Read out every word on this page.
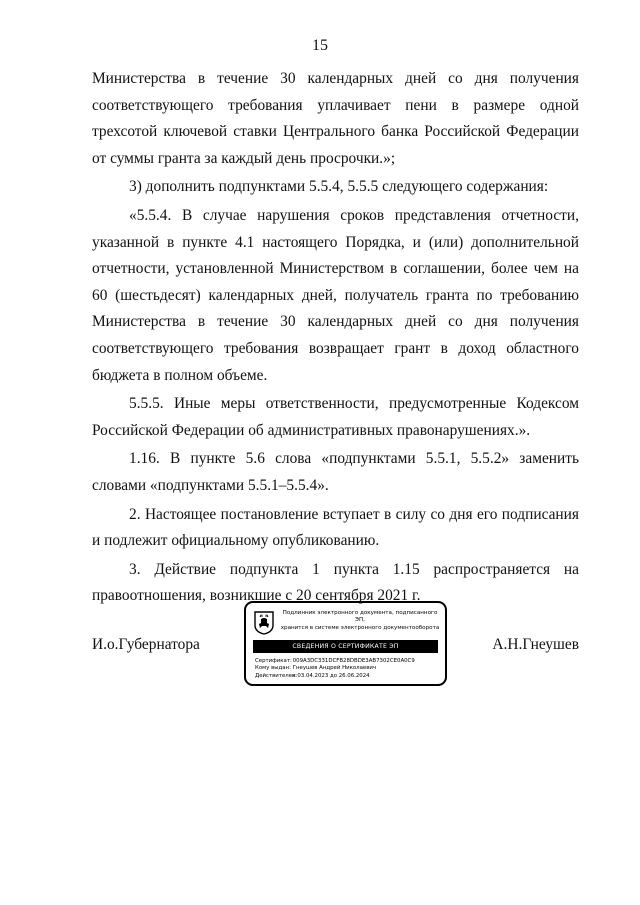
15

Министерства в течение 30 календарных дней со дня получения соответствующего требования уплачивает пени в размере одной трехсотой ключевой ставки Центрального банка Российской Федерации от суммы гранта за каждый день просрочки.»;

3) дополнить подпунктами 5.5.4, 5.5.5 следующего содержания:

«5.5.4. В случае нарушения сроков представления отчетности, указанной в пункте 4.1 настоящего Порядка, и (или) дополнительной отчетности, установленной Министерством в соглашении, более чем на 60 (шестьдесят) календарных дней, получатель гранта по требованию Министерства в течение 30 календарных дней со дня получения соответствующего требования возвращает грант в доход областного бюджета в полном объеме.

5.5.5. Иные меры ответственности, предусмотренные Кодексом Российской Федерации об административных правонарушениях.».

1.16. В пункте 5.6 слова «подпунктами 5.5.1, 5.5.2» заменить словами «подпунктами 5.5.1–5.5.4».

2. Настоящее постановление вступает в силу со дня его подписания и подлежит официальному опубликованию.

3. Действие подпункта 1 пункта 1.15 распространяется на правоотношения, возникшие с 20 сентября 2021 г.

И.о.Губернатора	А.Н.Гнеушев
Подлинник электронного документа, подписанного ЭП,
хранится в системе электронного документооборота
СВЕДЕНИЯ О СЕРТИФИКАТЕ ЭП
Сертификат: 009A3DC331DCFB28DBDE3AB7302CE0A0C9
Кому выдан: Гнеушев Андрей Николаевич
Действителен: с 03.04.2023 до 26.06.2024
